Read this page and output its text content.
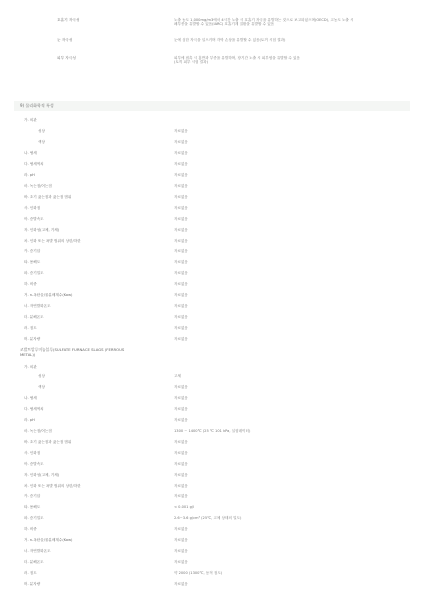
호흡기 자극성	노출 농도 1,000mg/m3에서 4시간 노출 시 호흡기 자극을 유발하는 것으로 보고되었으며(OECD), 고농도 노출 시
폐부종을 유발할 수 있음(IARC) 호흡기계 질환을 유발할 수 있음
눈 자극성	눈에 심한 자극을 일으키며 각막 손상을 유발할 수 있음(토끼 시험 결과)
피부 자극성	피부에 접촉 시 홍반과 부종을 유발하며, 장기간 노출 시 피부염을 유발할 수 있음
(토끼 피부 시험 결과)
9) 물리화학적 특성
가. 외관
성상	자료없음
색상	자료없음
나. 냄새	자료없음
다. 냄새역치	자료없음
라. pH	자료없음
마. 녹는점/어는점	자료없음
바. 초기 끓는점과 끓는점 범위	자료없음
사. 인화점	자료없음
아. 증발속도	자료없음
자. 인화성(고체, 기체)	자료없음
차. 인화 또는 폭발 범위의 상한/하한	자료없음
카. 증기압	자료없음
타. 용해도	자료없음
파. 증기밀도	자료없음
하. 비중	자료없음
거. n-옥탄올/물분배계수(Kow)	자료없음
너. 자연발화온도	자료없음
더. 분해온도	자료없음
러. 점도	자료없음
머. 분자량	자료없음
코발트알루미늄블루(SULFATE FURNACE SLAGS (FERROUS
METAL))
가. 외관
성상	고체
색상	자료없음
나. 냄새	자료없음
다. 냄새역치	자료없음
라. pH	자료없음
마. 녹는점/어는점	1300 ~ 1400℃ (25 ℃ 101 kPa, 실험데이터)
바. 초기 끓는점과 끓는점 범위	자료없음
사. 인화점	자료없음
아. 증발속도	자료없음
자. 인화성(고체, 기체)	자료없음
차. 인화 또는 폭발 범위의 상한/하한	자료없음
카. 증기압	자료없음
타. 용해도	< 0.001 g/l
파. 증기밀도	2.6~3.6 g/cm³ (25℃, 고체 상태의 밀도)
하. 비중	자료없음
거. n-옥탄올/물분배계수(Kow)	자료없음
너. 자연발화온도	자료없음
더. 분해온도	자료없음
러. 점도	약 2000 (1300℃, 동적 점도)
머. 분자량	자료없음
